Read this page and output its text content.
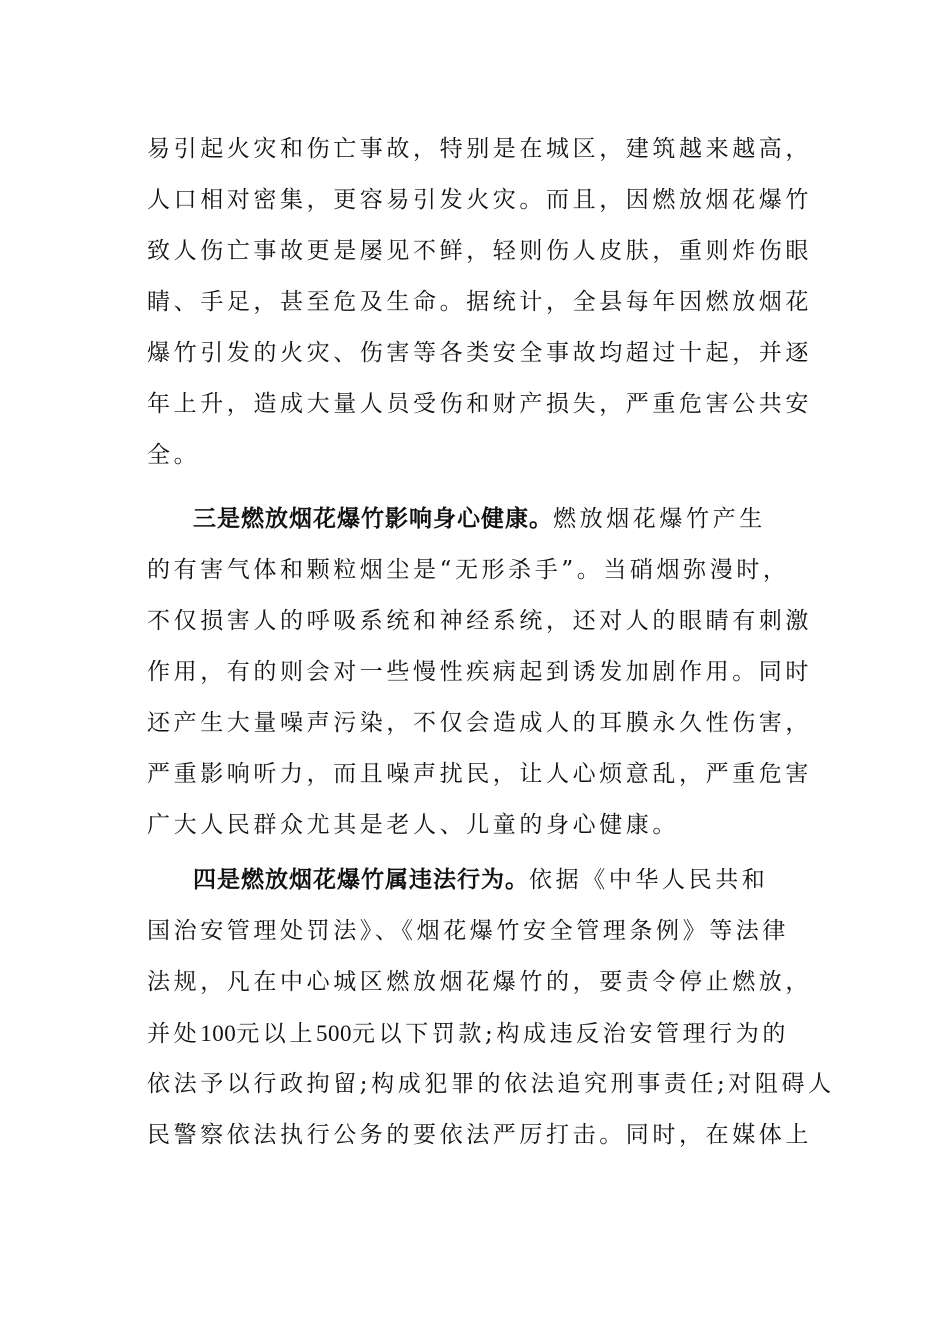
易引起火灾和伤亡事故，特别是在城区，建筑越来越高，
人口相对密集，更容易引发火灾。而且，因燃放烟花爆竹
致人伤亡事故更是屡见不鲜，轻则伤人皮肤，重则炸伤眼
睛、手足，甚至危及生命。据统计，全县每年因燃放烟花
爆竹引发的火灾、伤害等各类安全事故均超过十起，并逐
年上升，造成大量人员受伤和财产损失，严重危害公共安
全。
三是燃放烟花爆竹影响身心健康。燃放烟花爆竹产生
的有害气体和颗粒烟尘是“无形杀手”。当硝烟弥漫时，
不仅损害人的呼吸系统和神经系统，还对人的眼睛有刺激
作用，有的则会对一些慢性疾病起到诱发加剧作用。同时
还产生大量噪声污染，不仅会造成人的耳膜永久性伤害，
严重影响听力，而且噪声扰民，让人心烦意乱，严重危害
广大人民群众尤其是老人、儿童的身心健康。
四是燃放烟花爆竹属违法行为。依据《中华人民共和
国治安管理处罚法》、《烟花爆竹安全管理条例》等法律
法规，凡在中心城区燃放烟花爆竹的，要责令停止燃放，
并处100元以上500元以下罚款;构成违反治安管理行为的
依法予以行政拘留;构成犯罪的依法追究刑事责任;对阻碍人
民警察依法执行公务的要依法严厉打击。同时，在媒体上
